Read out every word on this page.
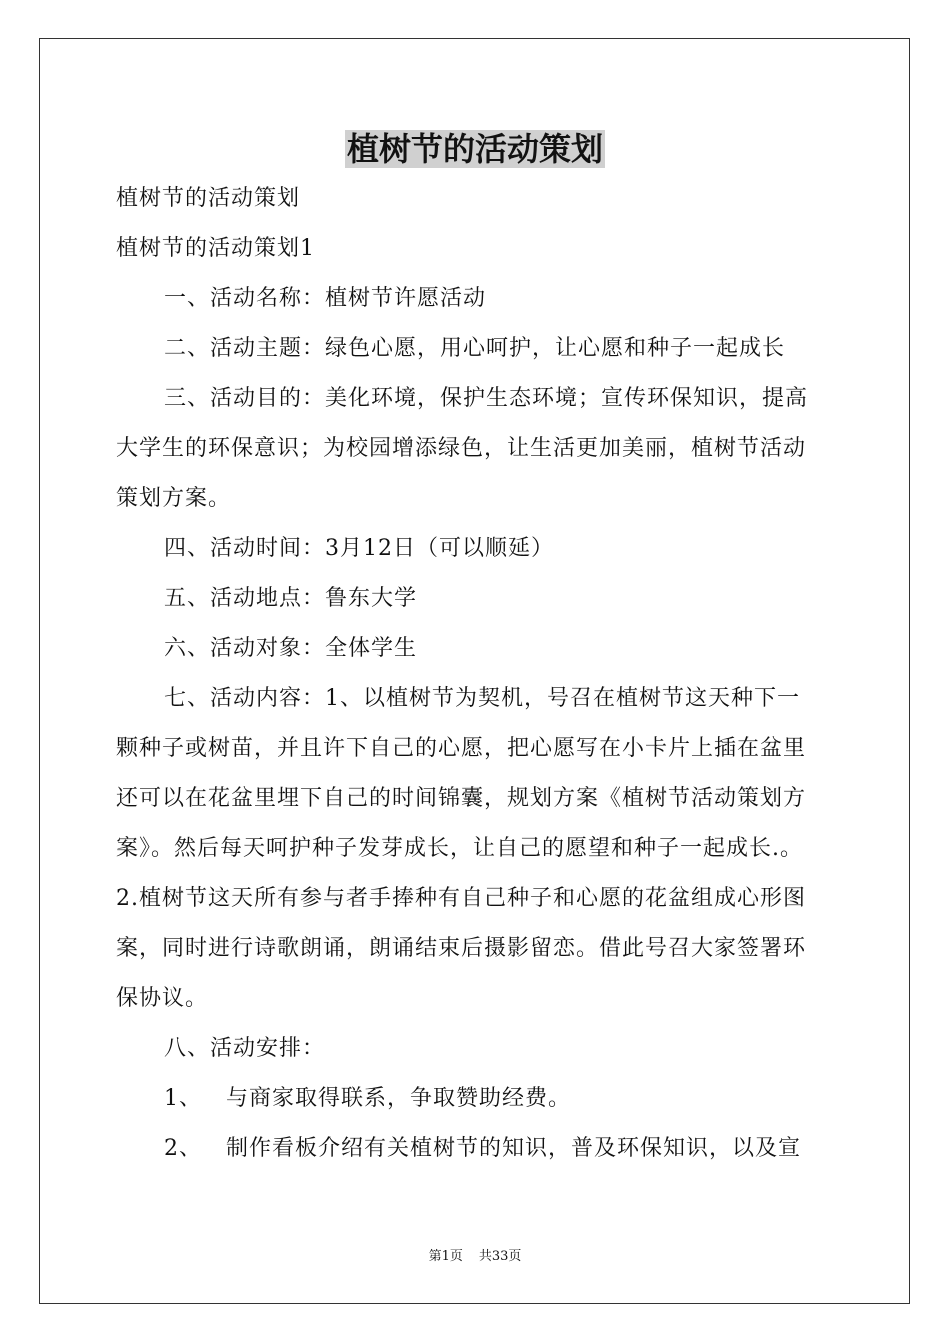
植树节的活动策划

植树节的活动策划

植树节的活动策划1

一、活动名称：植树节许愿活动

二、活动主题：绿色心愿，用心呵护，让心愿和种子一起成长

三、活动目的：美化环境，保护生态环境；宣传环保知识，提高

大学生的环保意识；为校园增添绿色，让生活更加美丽，植树节活动

策划方案。

四、活动时间：3月12日（可以顺延）

五、活动地点：鲁东大学

六、活动对象：全体学生

七、活动内容：1、以植树节为契机，号召在植树节这天种下一

颗种子或树苗，并且许下自己的心愿，把心愿写在小卡片上插在盆里

还可以在花盆里埋下自己的时间锦囊，规划方案《植树节活动策划方

案》。然后每天呵护种子发芽成长，让自己的愿望和种子一起成长.。

2.植树节这天所有参与者手捧种有自己种子和心愿的花盆组成心形图

案，同时进行诗歌朗诵，朗诵结束后摄影留恋。借此号召大家签署环

保协议。

八、活动安排：

1、 与商家取得联系，争取赞助经费。

2、 制作看板介绍有关植树节的知识，普及环保知识，以及宣

第1页 共33页
